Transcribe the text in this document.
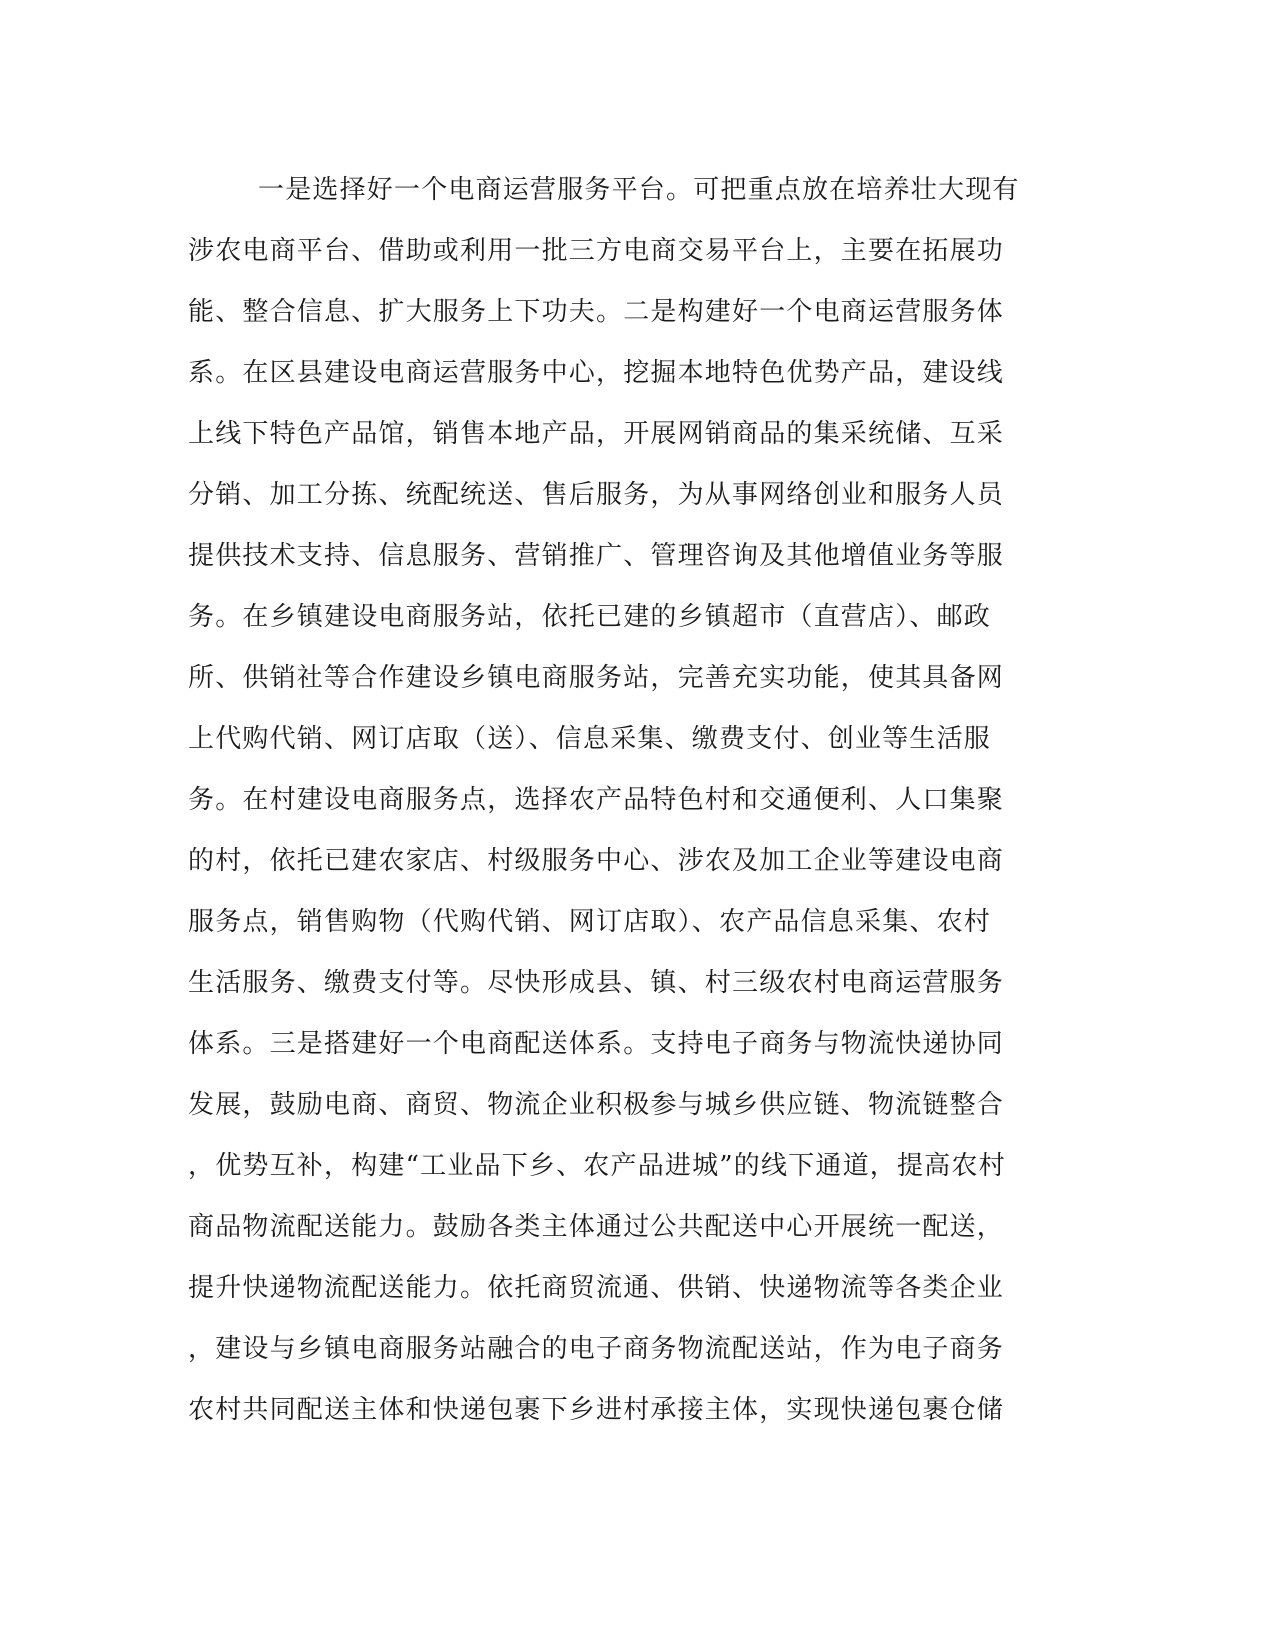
一是选择好一个电商运营服务平台。可把重点放在培养壮大现有
涉农电商平台、借助或利用一批三方电商交易平台上，主要在拓展功
能、整合信息、扩大服务上下功夫。二是构建好一个电商运营服务体
系。在区县建设电商运营服务中心，挖掘本地特色优势产品，建设线
上线下特色产品馆，销售本地产品，开展网销商品的集采统储、互采
分销、加工分拣、统配统送、售后服务，为从事网络创业和服务人员
提供技术支持、信息服务、营销推广、管理咨询及其他增值业务等服
务。在乡镇建设电商服务站，依托已建的乡镇超市（直营店）、邮政
所、供销社等合作建设乡镇电商服务站，完善充实功能，使其具备网
上代购代销、网订店取（送）、信息采集、缴费支付、创业等生活服
务。在村建设电商服务点，选择农产品特色村和交通便利、人口集聚
的村，依托已建农家店、村级服务中心、涉农及加工企业等建设电商
服务点，销售购物（代购代销、网订店取）、农产品信息采集、农村
生活服务、缴费支付等。尽快形成县、镇、村三级农村电商运营服务
体系。三是搭建好一个电商配送体系。支持电子商务与物流快递协同
发展，鼓励电商、商贸、物流企业积极参与城乡供应链、物流链整合
，优势互补，构建“工业品下乡、农产品进城”的线下通道，提高农村
商品物流配送能力。鼓励各类主体通过公共配送中心开展统一配送，
提升快递物流配送能力。依托商贸流通、供销、快递物流等各类企业
，建设与乡镇电商服务站融合的电子商务物流配送站，作为电子商务
农村共同配送主体和快递包裹下乡进村承接主体，实现快递包裹仓储
